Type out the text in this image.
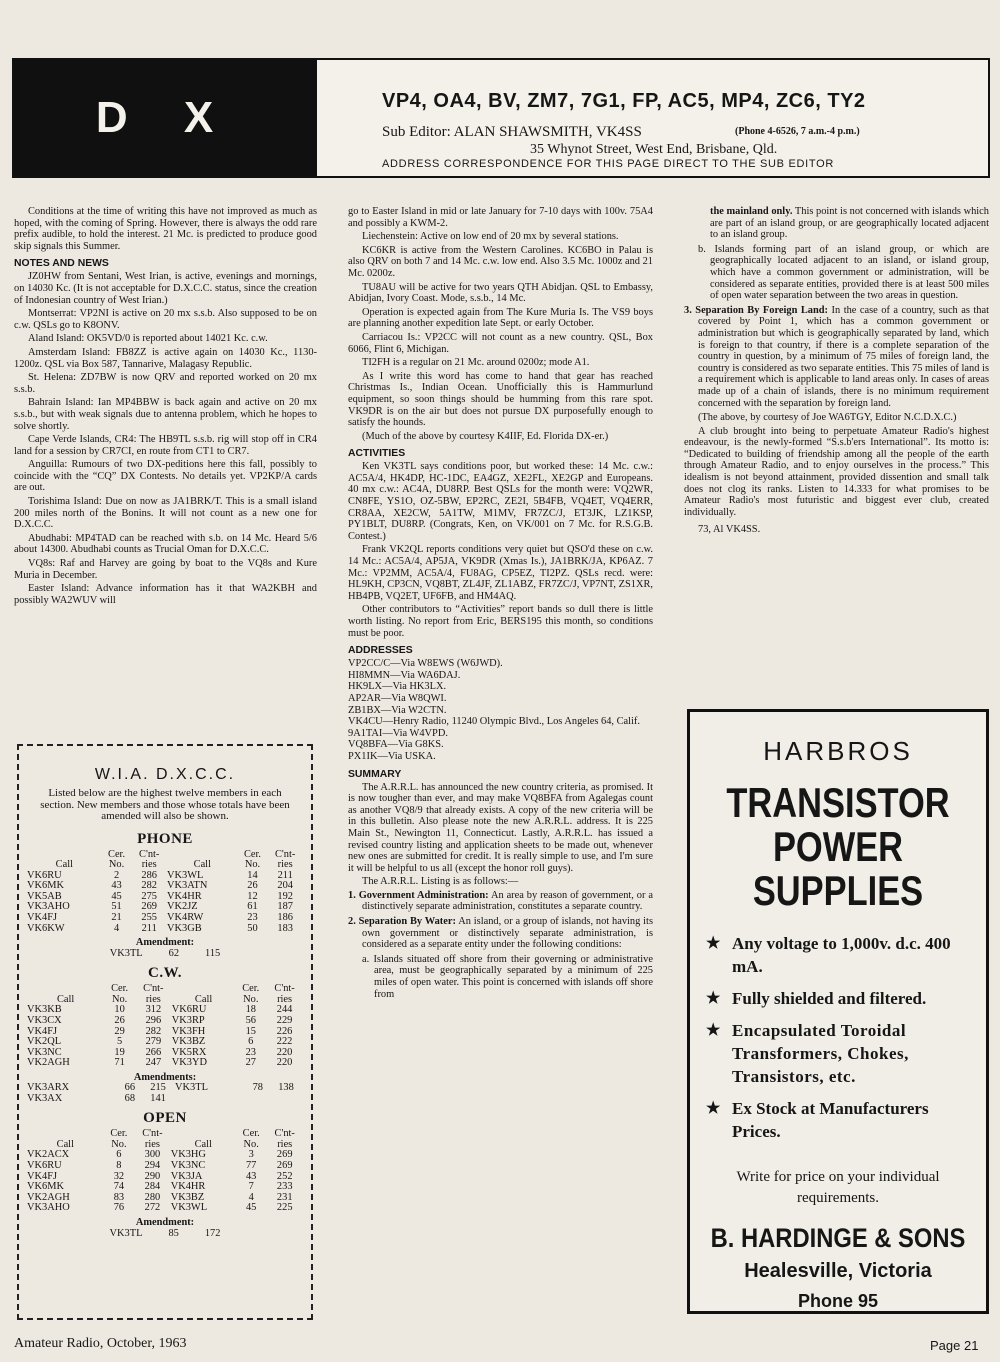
D X	VP4, OA4, BV, ZM7, 7G1, FP, AC5, MP4, ZC6, TY2
Sub Editor: ALAN SHAWSMITH, VK4SS	(Phone 4-6526, 7 a.m.-4 p.m.)
35 Whynot Street, West End, Brisbane, Qld.
ADDRESS CORRESPONDENCE FOR THIS PAGE DIRECT TO THE SUB EDITOR

Conditions at the time of writing this have not improved as much as hoped, with the coming of Spring. However, there is always the odd rare prefix audible, to hold the interest. 21 Mc. is predicted to produce good skip signals this Summer.

NOTES AND NEWS

JZ0HW from Sentani, West Irian, is active, evenings and mornings, on 14030 Kc. (It is not acceptable for D.X.C.C. status, since the creation of Indonesian country of West Irian.)

Montserrat: VP2NI is active on 20 mx s.s.b. Also supposed to be on c.w. QSLs go to K8ONV.

Aland Island: OK5VD/0 is reported about 14021 Kc. c.w.

Amsterdam Island: FB8ZZ is active again on 14030 Kc., 1130-1200z. QSL via Box 587, Tannarive, Malagasy Republic.

St. Helena: ZD7BW is now QRV and reported worked on 20 mx s.s.b.

Bahrain Island: Ian MP4BBW is back again and active on 20 mx s.s.b., but with weak signals due to antenna problem, which he hopes to solve shortly.

Cape Verde Islands, CR4: The HB9TL s.s.b. rig will stop off in CR4 land for a session by CR7CI, en route from CT1 to CR7.

Anguilla: Rumours of two DX-peditions here this fall, possibly to coincide with the “CQ” DX Contests. No details yet. VP2KP/A cards are out.

Torishima Island: Due on now as JA1BRK/T. This is a small island 200 miles north of the Bonins. It will not count as a new one for D.X.C.C.

Abudhabi: MP4TAD can be reached with s.b. on 14 Mc. Heard 5/6 about 14300. Abudhabi counts as Trucial Oman for D.X.C.C.

VQ8s: Raf and Harvey are going by boat to the VQ8s and Kure Muria in December.

Easter Island: Advance information has it that WA2KBH and possibly WA2WUV will

W.I.A. D.X.C.C.
Listed below are the highest twelve members in each section. New members and those whose totals have been amended will also be shown.
PHONE
	Cer.	C'nt-		Cer.	C'nt-
Call	No.	ries	Call	No.	ries
VK6RU	2	286	VK3WL	14	211
VK6MK	43	282	VK3ATN	26	204
VK5AB	45	275	VK4HR	12	192
VK3AHO	51	269	VK2JZ	61	187
VK4FJ	21	255	VK4RW	23	186
VK6KW	4	211	VK3GB	50	183
Amendment:
VK3TL	62	115
C.W.
	Cer.	C'nt-		Cer.	C'nt-
Call	No.	ries	Call	No.	ries
VK3KB	10	312	VK6RU	18	244
VK3CX	26	296	VK3RP	56	229
VK4FJ	29	282	VK3FH	15	226
VK2QL	5	279	VK3BZ	6	222
VK3NC	19	266	VK5RX	23	220
VK2AGH	71	247	VK3YD	27	220
Amendments:
VK3ARX	66	215	VK3TL	78	138
VK3AX	68	141			
OPEN
	Cer.	C'nt-		Cer.	C'nt-
Call	No.	ries	Call	No.	ries
VK2ACX	6	300	VK3HG	3	269
VK6RU	8	294	VK3NC	77	269
VK4FJ	32	290	VK3JA	43	252
VK6MK	74	284	VK4HR	7	233
VK2AGH	83	280	VK3BZ	4	231
VK3AHO	76	272	VK3WL	45	225
Amendment:
VK3TL	85	172

go to Easter Island in mid or late January for 7-10 days with 100v. 75A4 and possibly a KWM-2.

Liechenstein: Active on low end of 20 mx by several stations.

KC6KR is active from the Western Carolines. KC6BO in Palau is also QRV on both 7 and 14 Mc. c.w. low end. Also 3.5 Mc. 1000z and 21 Mc. 0200z.

TU8AU will be active for two years QTH Abidjan. QSL to Embassy, Abidjan, Ivory Coast. Mode, s.s.b., 14 Mc.

Operation is expected again from The Kure Muria Is. The VS9 boys are planning another expedition late Sept. or early October.

Carriacou Is.: VP2CC will not count as a new country. QSL, Box 6066, Flint 6, Michigan.

TI2FH is a regular on 21 Mc. around 0200z; mode A1.

As I write this word has come to hand that gear has reached Christmas Is., Indian Ocean. Unofficially this is Hammurlund equipment, so soon things should be humming from this rare spot. VK9DR is on the air but does not pursue DX purposefully enough to satisfy the hounds.

(Much of the above by courtesy K4IIF, Ed. Florida DX-er.)

ACTIVITIES

Ken VK3TL says conditions poor, but worked these: 14 Mc. c.w.: AC5A/4, HK4DP, HC-1DC, EA4GZ, XE2FL, XE2GP and Europeans. 40 mx c.w.: AC4A, DU8RP. Best QSLs for the month were: VQ2WR, CN8FE, YS1O, OZ-5BW, EP2RC, ZE2I, 5B4FB, VQ4ET, VQ4ERR, CR8AA, XE2CW, 5A1TW, M1MV, FR7ZC/J, ET3JK, LZ1KSP, PY1BLT, DU8RP. (Congrats, Ken, on VK/001 on 7 Mc. for R.S.G.B. Contest.)

Frank VK2QL reports conditions very quiet but QSO'd these on c.w. 14 Mc.: AC5A/4, AP5JA, VK9DR (Xmas Is.), JA1BRK/JA, KP6AZ. 7 Mc.: VP2MM, AC5A/4, FU8AG, CP5EZ, TI2PZ. QSLs recd. were: HL9KH, CP3CN, VQ8BT, ZL4JF, ZL1ABZ, FR7ZC/J, VP7NT, ZS1XR, HB4PB, VQ2ET, UF6FB, and HM4AQ.

Other contributors to “Activities” report bands so dull there is little worth listing. No report from Eric, BERS195 this month, so conditions must be poor.

ADDRESSES

VP2CC/C—Via W8EWS (W6JWD).

HI8MMN—Via WA6DAJ.

HK9LX—Via HK3LX.

AP2AR—Via W8QWI.

ZB1BX—Via W2CTN.

VK4CU—Henry Radio, 11240 Olympic Blvd., Los Angeles 64, Calif.

9A1TAI—Via W4VPD.

VQ8BFA—Via G8KS.

PX1IK—Via USKA.

SUMMARY

The A.R.R.L. has announced the new country criteria, as promised. It is now tougher than ever, and may make VQ8BFA from Agalegas count as another VQ8/9 that already exists. A copy of the new criteria will be in this bulletin. Also please note the new A.R.R.L. address. It is 225 Main St., Newington 11, Connecticut. Lastly, A.R.R.L. has issued a revised country listing and application sheets to be made out, whenever new ones are submitted for credit. It is really simple to use, and I'm sure it will be helpful to us all (except the honor roll guys).

The A.R.R.L. Listing is as follows:—

1. Government Administration: An area by reason of government, or a distinctively separate administration, constitutes a separate country.

2. Separation By Water: An island, or a group of islands, not having its own government or distinctively separate administration, is considered as a separate entity under the following conditions:

a. Islands situated off shore from their governing or administrative area, must be geographically separated by a minimum of 225 miles of open water. This point is concerned with islands off shore from

the mainland only. This point is not concerned with islands which are part of an island group, or are geographically located adjacent to an island group.

b. Islands forming part of an island group, or which are geographically located adjacent to an island, or island group, which have a common government or administration, will be considered as separate entities, provided there is at least 500 miles of open water separation between the two areas in question.

3. Separation By Foreign Land: In the case of a country, such as that covered by Point 1, which has a common government or administration but which is geographically separated by land, which is foreign to that country, if there is a complete separation of the country in question, by a minimum of 75 miles of foreign land, the country is considered as two separate entities. This 75 miles of land is a requirement which is applicable to land areas only. In cases of areas made up of a chain of islands, there is no minimum requirement concerned with the separation by foreign land.

(The above, by courtesy of Joe WA6TGY, Editor N.C.D.X.C.)

A club brought into being to perpetuate Amateur Radio's highest endeavour, is the newly-formed “S.s.b'ers International”. Its motto is: “Dedicated to building of friendship among all the people of the earth through Amateur Radio, and to enjoy ourselves in the process.” This idealism is not beyond attainment, provided dissention and small talk does not clog its ranks. Listen to 14.333 for what promises to be Amateur Radio's most futuristic and biggest ever club, created individually.

73, Al VK4SS.

HARBROS
TRANSISTOR
POWER SUPPLIES
★ Any voltage to 1,000v. d.c. 400 mA.
★ Fully shielded and filtered.
★ Encapsulated Toroidal Transformers, Chokes, Transistors, etc.
★ Ex Stock at Manufacturers Prices.
Write for price on your individual requirements.
B. HARDINGE & SONS
Healesville, Victoria
Phone 95
Amateur Radio, October, 1963	Page 21
